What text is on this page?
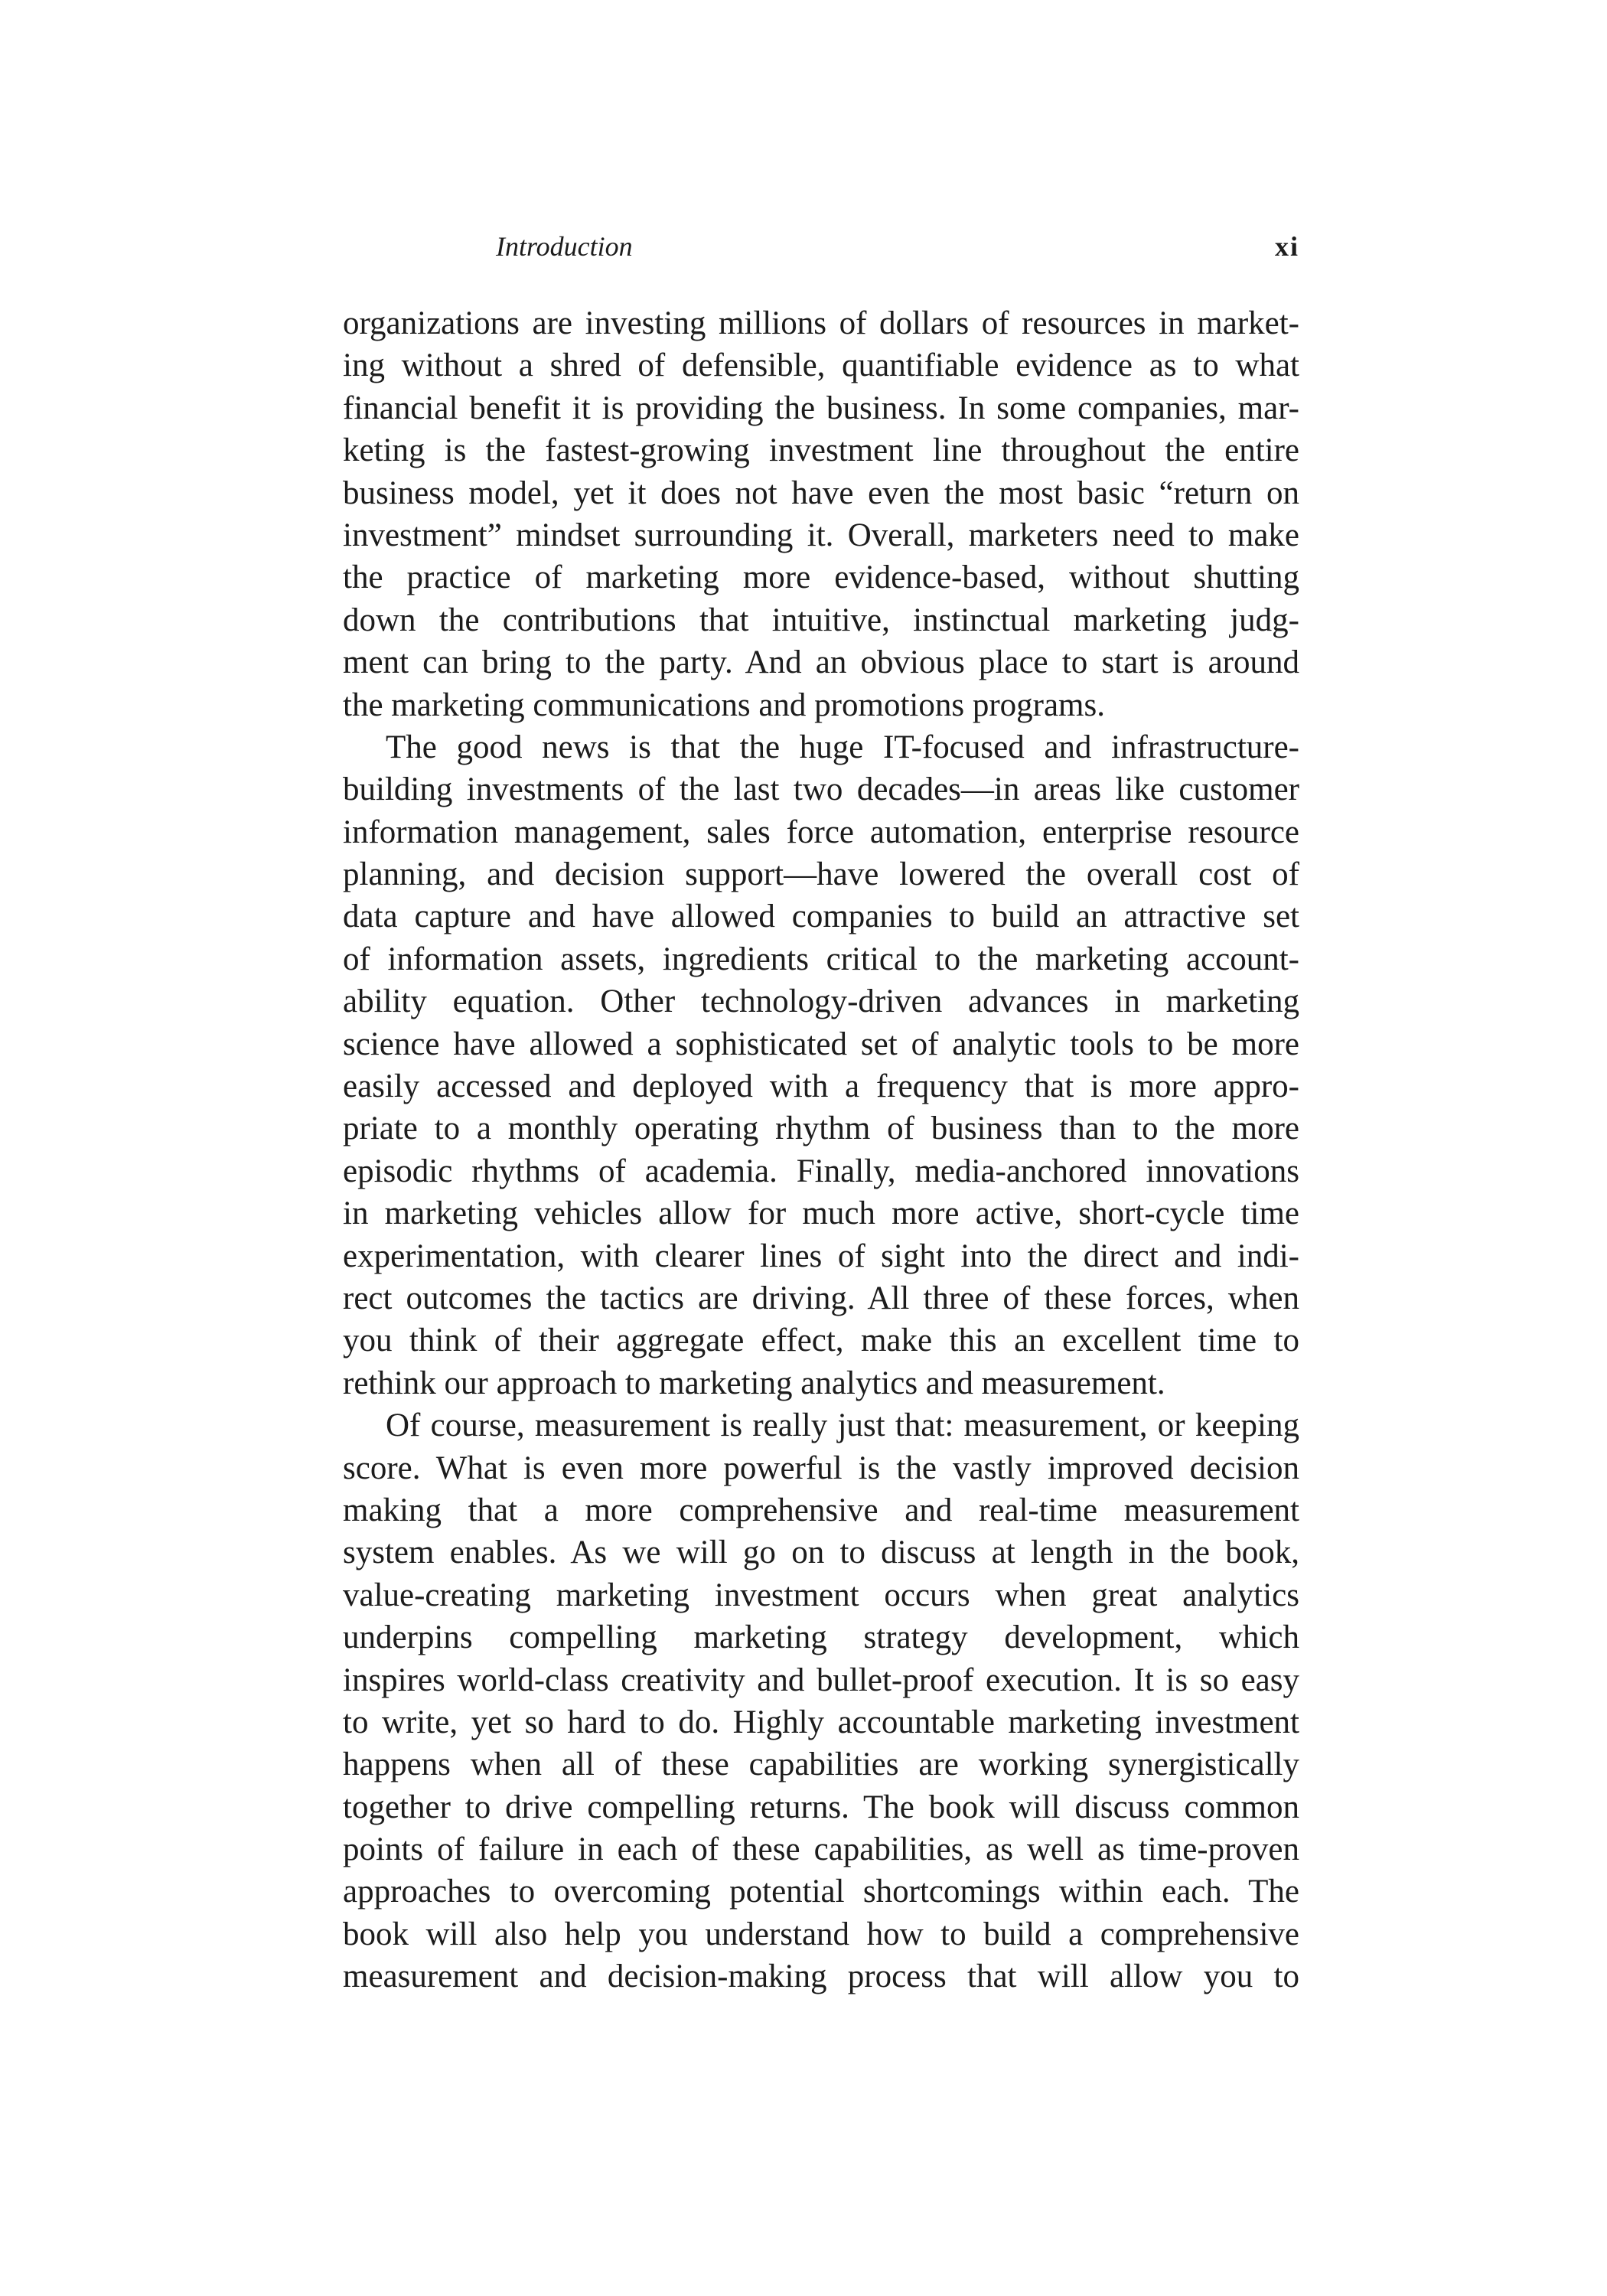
Introduction	xi
organizations are investing millions of dollars of resources in market-
ing without a shred of defensible, quantifiable evidence as to what
financial benefit it is providing the business. In some companies, mar-
keting is the fastest-growing investment line throughout the entire
business model, yet it does not have even the most basic “return on
investment” mindset surrounding it. Overall, marketers need to make
the practice of marketing more evidence-based, without shutting
down the contributions that intuitive, instinctual marketing judg-
ment can bring to the party. And an obvious place to start is around
the marketing communications and promotions programs.
The good news is that the huge IT-focused and infrastructure-
building investments of the last two decades—in areas like customer
information management, sales force automation, enterprise resource
planning, and decision support—have lowered the overall cost of
data capture and have allowed companies to build an attractive set
of information assets, ingredients critical to the marketing account-
ability equation. Other technology-driven advances in marketing
science have allowed a sophisticated set of analytic tools to be more
easily accessed and deployed with a frequency that is more appro-
priate to a monthly operating rhythm of business than to the more
episodic rhythms of academia. Finally, media-anchored innovations
in marketing vehicles allow for much more active, short-cycle time
experimentation, with clearer lines of sight into the direct and indi-
rect outcomes the tactics are driving. All three of these forces, when
you think of their aggregate effect, make this an excellent time to
rethink our approach to marketing analytics and measurement.
Of course, measurement is really just that: measurement, or keeping
score. What is even more powerful is the vastly improved decision
making that a more comprehensive and real-time measurement
system enables. As we will go on to discuss at length in the book,
value-creating marketing investment occurs when great analytics
underpins compelling marketing strategy development, which
inspires world-class creativity and bullet-proof execution. It is so easy
to write, yet so hard to do. Highly accountable marketing investment
happens when all of these capabilities are working synergistically
together to drive compelling returns. The book will discuss common
points of failure in each of these capabilities, as well as time-proven
approaches to overcoming potential shortcomings within each. The
book will also help you understand how to build a comprehensive
measurement and decision-making process that will allow you to
